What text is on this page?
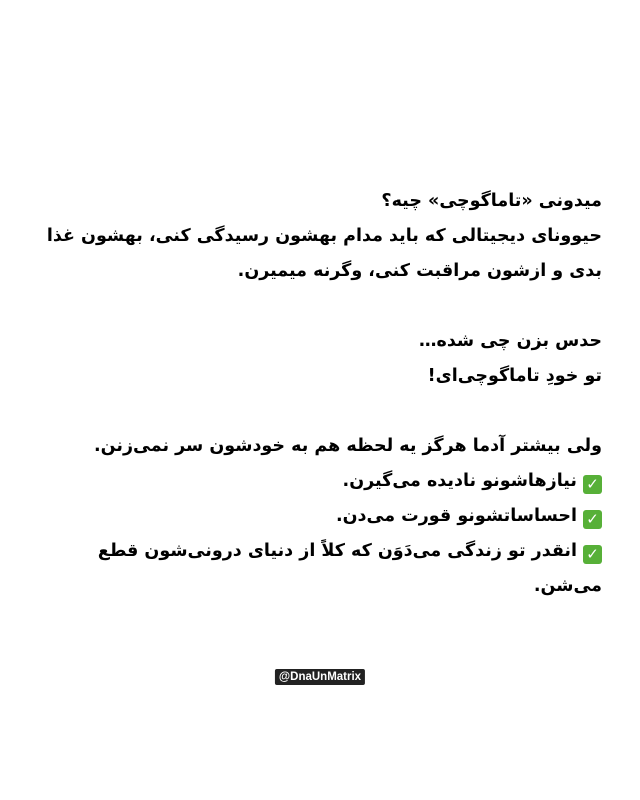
میدونی «تاماگوچی» چیه؟
حیوونای دیجیتالی که باید مدام بهشون رسیدگی کنی، بهشون غذا بدی و ازشون مراقبت کنی، وگرنه میمیرن.

حدس بزن چی شده…
تو خودِ تاماگوچی‌ای!

ولی بیشتر آدما هرگز یه لحظه هم به خودشون سر نمی‌زنن.
✓نیازهاشونو نادیده می‌گیرن.
✓احساساتشونو قورت می‌دن.
✓انقدر تو زندگی می‌دَوَن که کلاً از دنیای درونی‌شون قطع می‌شن.

@DnaUnMatrix
